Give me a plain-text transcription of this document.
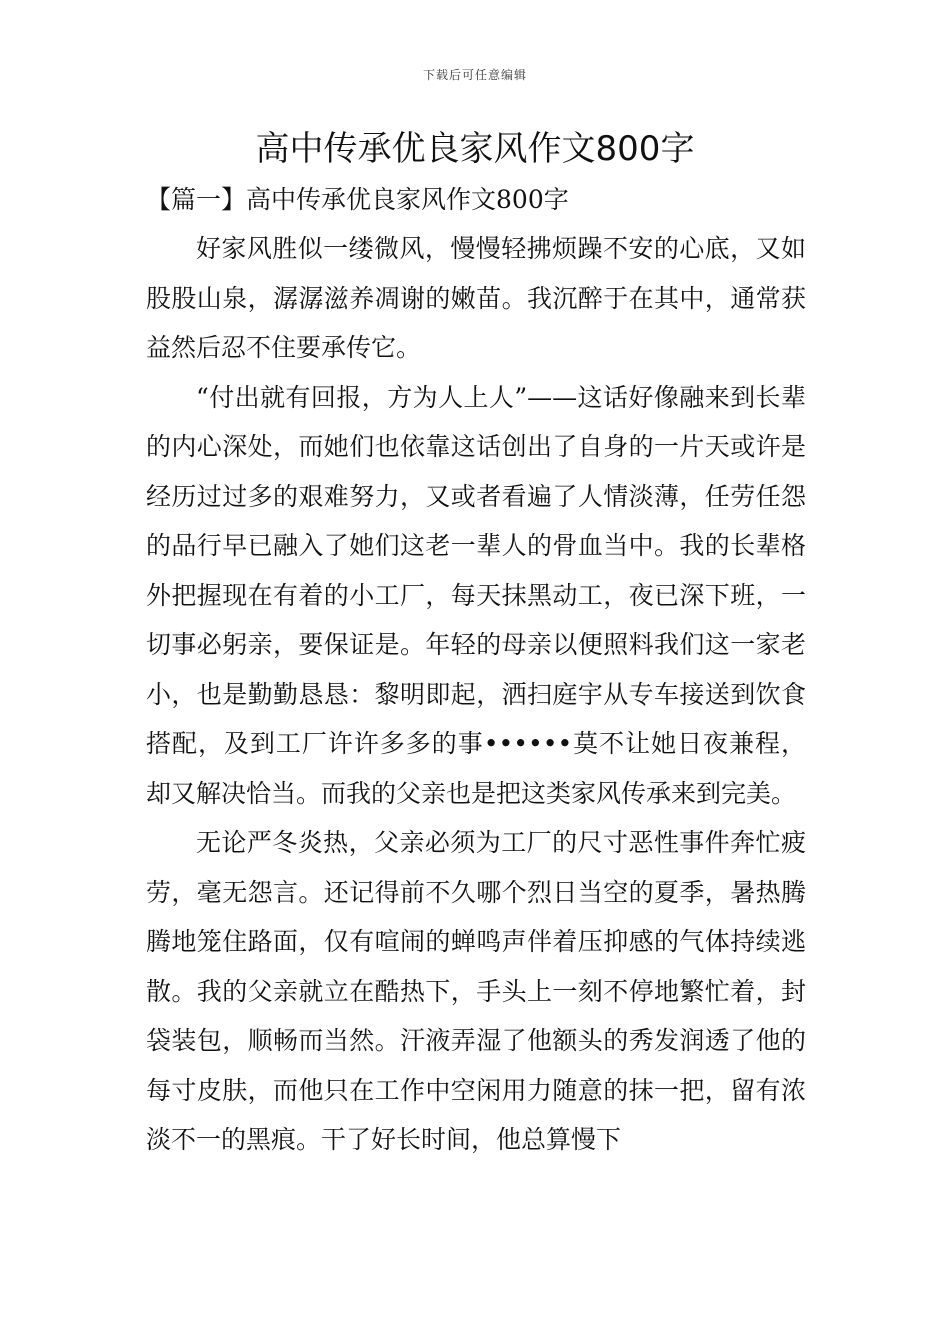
下载后可任意编辑
高中传承优良家风作文800字
【篇一】高中传承优良家风作文800字

好家风胜似一缕微风，慢慢轻拂烦躁不安的心底，又如股股山泉，潺潺滋养凋谢的嫩苗。我沉醉于在其中，通常获益然后忍不住要承传它。

“付出就有回报，方为人上人”——这话好像融来到长辈的内心深处，而她们也依靠这话创出了自身的一片天或许是经历过过多的艰难努力，又或者看遍了人情淡薄，任劳任怨的品行早已融入了她们这老一辈人的骨血当中。我的长辈格外把握现在有着的小工厂，每天抹黑动工，夜已深下班，一切事必躬亲，要保证是。年轻的母亲以便照料我们这一家老小，也是勤勤恳恳：黎明即起，洒扫庭宇从专车接送到饮食搭配，及到工厂许许多多的事••••••莫不让她日夜兼程，却又解决恰当。而我的父亲也是把这类家风传承来到完美。

无论严冬炎热，父亲必须为工厂的尺寸恶性事件奔忙疲劳，毫无怨言。还记得前不久哪个烈日当空的夏季，暑热腾腾地笼住路面，仅有喧闹的蝉鸣声伴着压抑感的气体持续逃散。我的父亲就立在酷热下，手头上一刻不停地繁忙着，封袋装包，顺畅而当然。汗液弄湿了他额头的秀发润透了他的每寸皮肤，而他只在工作中空闲用力随意的抹一把，留有浓淡不一的黑痕。干了好长时间，他总算慢下
